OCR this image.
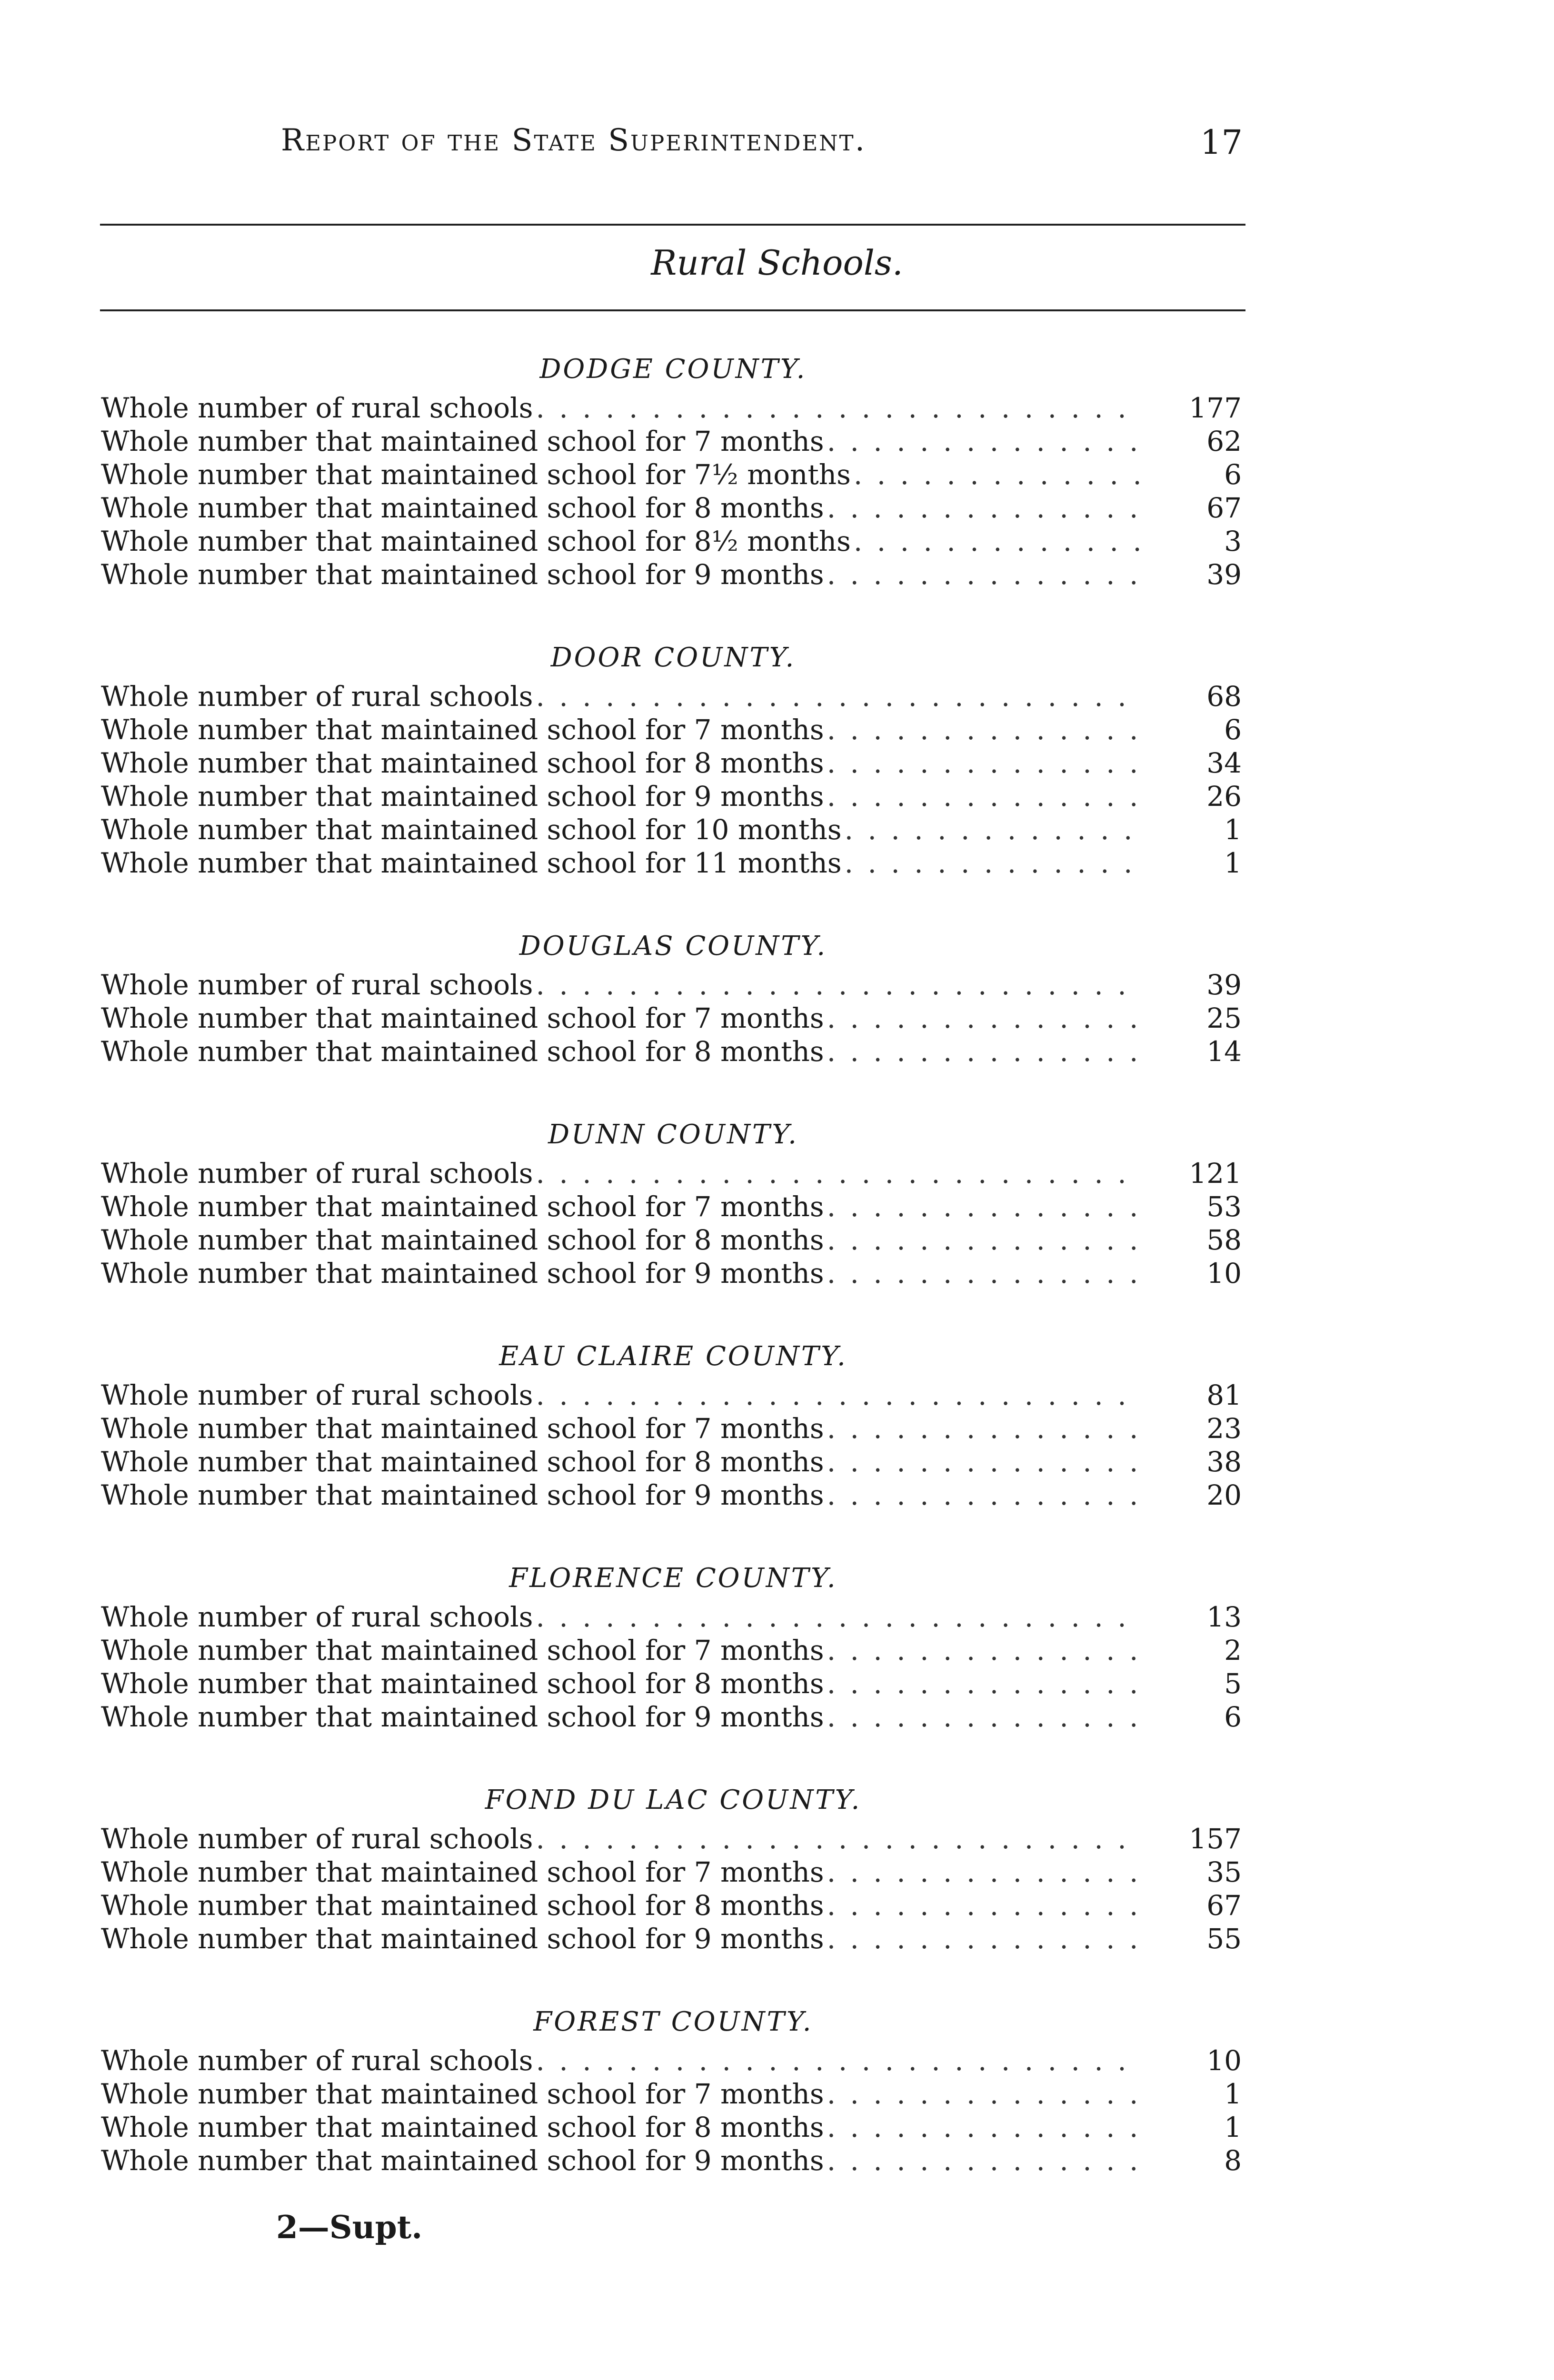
Report of the State Superintendent.	17
Rural Schools.
DODGE COUNTY.
Whole number of rural schools . . .	177
Whole number that maintained school for 7 months . . .	62
Whole number that maintained school for 7½ months . . .	6
Whole number that maintained school for 8 months . . .	67
Whole number that maintained school for 8½ months . . .	3
Whole number that maintained school for 9 months . . .	39
DOOR COUNTY.
Whole number of rural schools . . .	68
Whole number that maintained school for 7 months . . .	6
Whole number that maintained school for 8 months . . .	34
Whole number that maintained school for 9 months . . .	26
Whole number that maintained school for 10 months . . .	1
Whole number that maintained school for 11 months . . .	1
DOUGLAS COUNTY.
Whole number of rural schools . . .	39
Whole number that maintained school for 7 months . . .	25
Whole number that maintained school for 8 months . . .	14
DUNN COUNTY.
Whole number of rural schools . . .	121
Whole number that maintained school for 7 months . . .	53
Whole number that maintained school for 8 months . . .	58
Whole number that maintained school for 9 months . . .	10
EAU CLAIRE COUNTY.
Whole number of rural schools . . .	81
Whole number that maintained school for 7 months . . .	23
Whole number that maintained school for 8 months . . .	38
Whole number that maintained school for 9 months . . .	20
FLORENCE COUNTY.
Whole number of rural schools . . .	13
Whole number that maintained school for 7 months . . .	2
Whole number that maintained school for 8 months . . .	5
Whole number that maintained school for 9 months . . .	6
FOND DU LAC COUNTY.
Whole number of rural schools . . .	157
Whole number that maintained school for 7 months . . .	35
Whole number that maintained school for 8 months . . .	67
Whole number that maintained school for 9 months . . .	55
FOREST COUNTY.
Whole number of rural schools . . .	10
Whole number that maintained school for 7 months . . .	1
Whole number that maintained school for 8 months . . .	1
Whole number that maintained school for 9 months . . .	8
2—Supt.
